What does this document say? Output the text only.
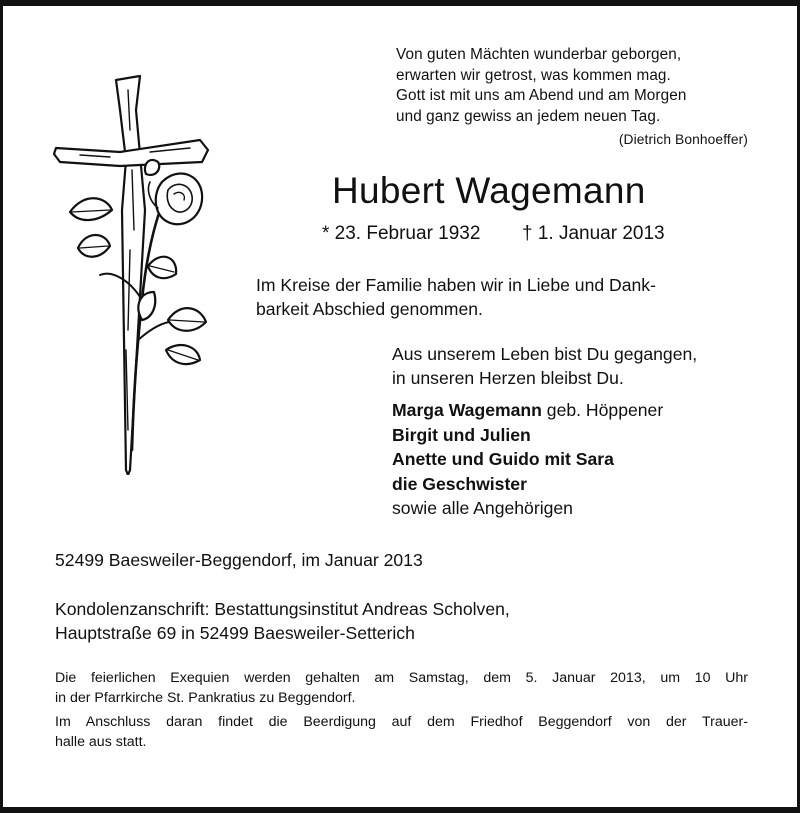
Von guten Mächten wunderbar geborgen,
erwarten wir getrost, was kommen mag.
Gott ist mit uns am Abend und am Morgen
und ganz gewiss an jedem neuen Tag.
(Dietrich Bonhoeffer)
Hubert Wagemann
* 23. Februar 1932 † 1. Januar 2013
Im Kreise der Familie haben wir in Liebe und Dank-
barkeit Abschied genommen.
Aus unserem Leben bist Du gegangen,
in unseren Herzen bleibst Du.
Marga Wagemann geb. Höppener
Birgit und Julien
Anette und Guido mit Sara
die Geschwister
sowie alle Angehörigen
52499 Baesweiler-Beggendorf, im Januar 2013
Kondolenzanschrift: Bestattungsinstitut Andreas Scholven,
Hauptstraße 69 in 52499 Baesweiler-Setterich

Die feierlichen Exequien werden gehalten am Samstag, dem 5. Januar 2013, um 10 Uhr
in der Pfarrkirche St. Pankratius zu Beggendorf.

Im Anschluss daran findet die Beerdigung auf dem Friedhof Beggendorf von der Trauer-
halle aus statt.
